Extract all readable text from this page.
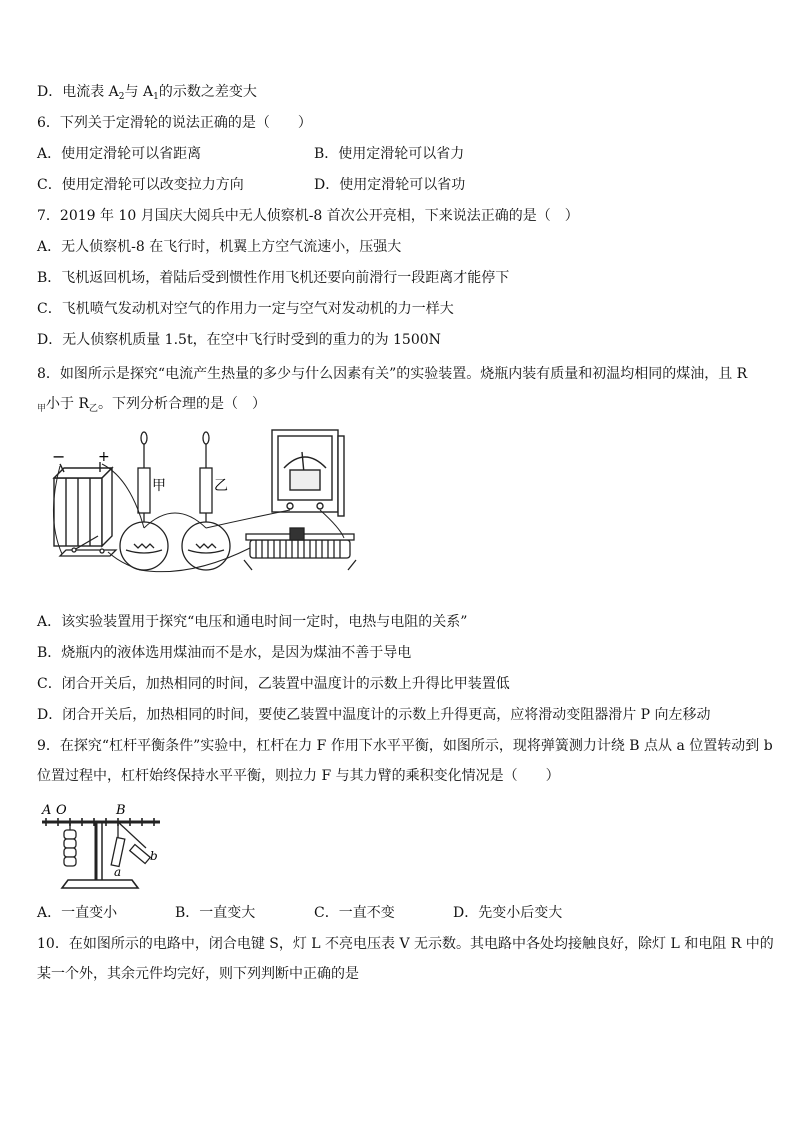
D．电流表 $A_2$与 $A_1$的示数之差变大
6．下列关于定滑轮的说法正确的是（　　）
A．使用定滑轮可以省距离	B．使用定滑轮可以省力
C．使用定滑轮可以改变拉力方向	D．使用定滑轮可以省功
7．2019 年 10 月国庆大阅兵中无人侦察机-8 首次公开亮相，下来说法正确的是（　）
A．无人侦察机-8 在飞行时，机翼上方空气流速小，压强大
B．飞机返回机场，着陆后受到惯性作用飞机还要向前滑行一段距离才能停下
C．飞机喷气发动机对空气的作用力一定与空气对发动机的力一样大
D．无人侦察机质量 1.5t，在空中飞行时受到的重力的为 1500N
8．如图所示是探究“电流产生热量的多少与什么因素有关”的实验装置。烧瓶内装有质量和初温均相同的煤油，且 R
$_甲$小于 $R_乙$。下列分析合理的是（　）
− +
甲	乙
A．该实验装置用于探究“电压和通电时间一定时，电热与电阻的关系”
B．烧瓶内的液体选用煤油而不是水，是因为煤油不善于导电
C．闭合开关后，加热相同的时间，乙装置中温度计的示数上升得比甲装置低
D．闭合开关后，加热相同的时间，要使乙装置中温度计的示数上升得更高，应将滑动变阻器滑片 P 向左移动
9．在探究“杠杆平衡条件”实验中，杠杆在力 F 作用下水平平衡，如图所示，现将弹簧测力计绕 B 点从 a 位置转动到 b
位置过程中，杠杆始终保持水平平衡，则拉力 F 与其力臂的乘积变化情况是（　　）
A O	B
a
b
A．一直变小	B．一直变大	C．一直不变	D．先变小后变大
10．在如图所示的电路中，闭合电键 S，灯 L 不亮电压表 V 无示数。其电路中各处均接触良好，除灯 L 和电阻 R 中的
某一个外，其余元件均完好，则下列判断中正确的是
